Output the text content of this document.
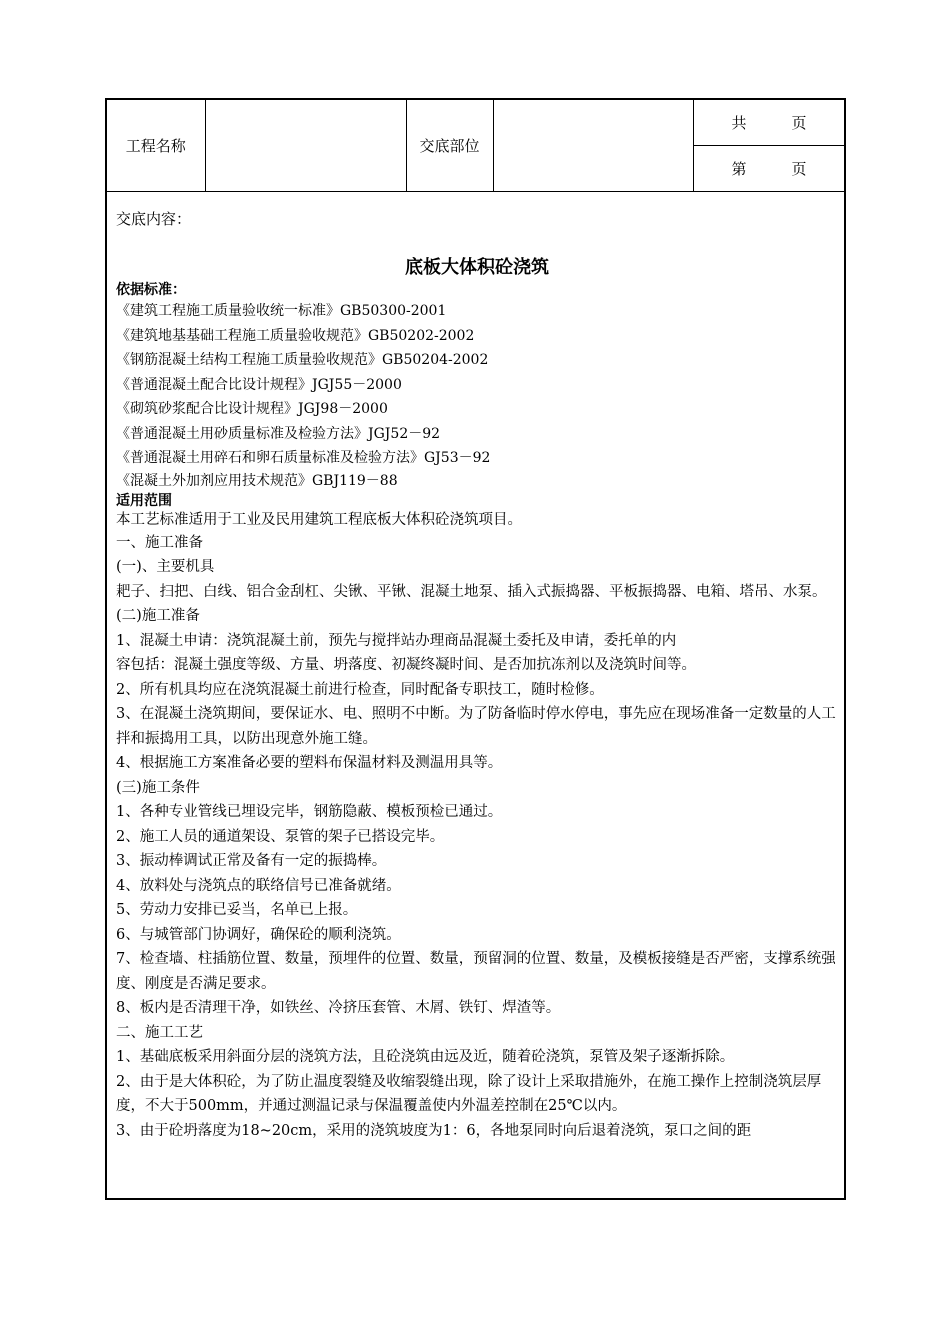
工程名称		交底部位		共　　　页
第　　　页
交底内容：
底板大体积砼浇筑
依据标准：
《建筑工程施工质量验收统一标准》GB50300-2001
《建筑地基基础工程施工质量验收规范》GB50202-2002
《钢筋混凝土结构工程施工质量验收规范》GB50204-2002
《普通混凝土配合比设计规程》JGJ55－2000
《砌筑砂浆配合比设计规程》JGJ98－2000
《普通混凝土用砂质量标准及检验方法》JGJ52－92
《普通混凝土用碎石和卵石质量标准及检验方法》GJ53－92
《混凝土外加剂应用技术规范》GBJ119－88
适用范围
本工艺标准适用于工业及民用建筑工程底板大体积砼浇筑项目。
一、施工准备
(一)、主要机具
耙子、扫把、白线、铝合金刮杠、尖锹、平锹、混凝土地泵、插入式振捣器、平板振捣器、电箱、塔吊、水泵。
(二)施工准备
1、混凝土申请：浇筑混凝土前，预先与搅拌站办理商品混凝土委托及申请，委托单的内
容包括：混凝土强度等级、方量、坍落度、初凝终凝时间、是否加抗冻剂以及浇筑时间等。
2、所有机具均应在浇筑混凝土前进行检查，同时配备专职技工，随时检修。
3、在混凝土浇筑期间，要保证水、电、照明不中断。为了防备临时停水停电，事先应在现场准备一定数量的人工拌和振捣用工具，以防出现意外施工缝。
4、根据施工方案准备必要的塑料布保温材料及测温用具等。
(三)施工条件
1、各种专业管线已埋设完毕，钢筋隐蔽、模板预检已通过。
2、施工人员的通道架设、泵管的架子已搭设完毕。
3、振动棒调试正常及备有一定的振捣棒。
4、放料处与浇筑点的联络信号已准备就绪。
5、劳动力安排已妥当，名单已上报。
6、与城管部门协调好，确保砼的顺利浇筑。
7、检查墙、柱插筋位置、数量，预埋件的位置、数量，预留洞的位置、数量，及模板接缝是否严密，支撑系统强度、刚度是否满足要求。
8、板内是否清理干净，如铁丝、冷挤压套管、木屑、铁钉、焊渣等。
二、施工工艺
1、基础底板采用斜面分层的浇筑方法，且砼浇筑由远及近，随着砼浇筑，泵管及架子逐渐拆除。
2、由于是大体积砼，为了防止温度裂缝及收缩裂缝出现，除了设计上采取措施外，在施工操作上控制浇筑层厚度，不大于500mm，并通过测温记录与保温覆盖使内外温差控制在25℃以内。
3、由于砼坍落度为18~20cm，采用的浇筑坡度为1：6，各地泵同时向后退着浇筑，泵口之间的距
